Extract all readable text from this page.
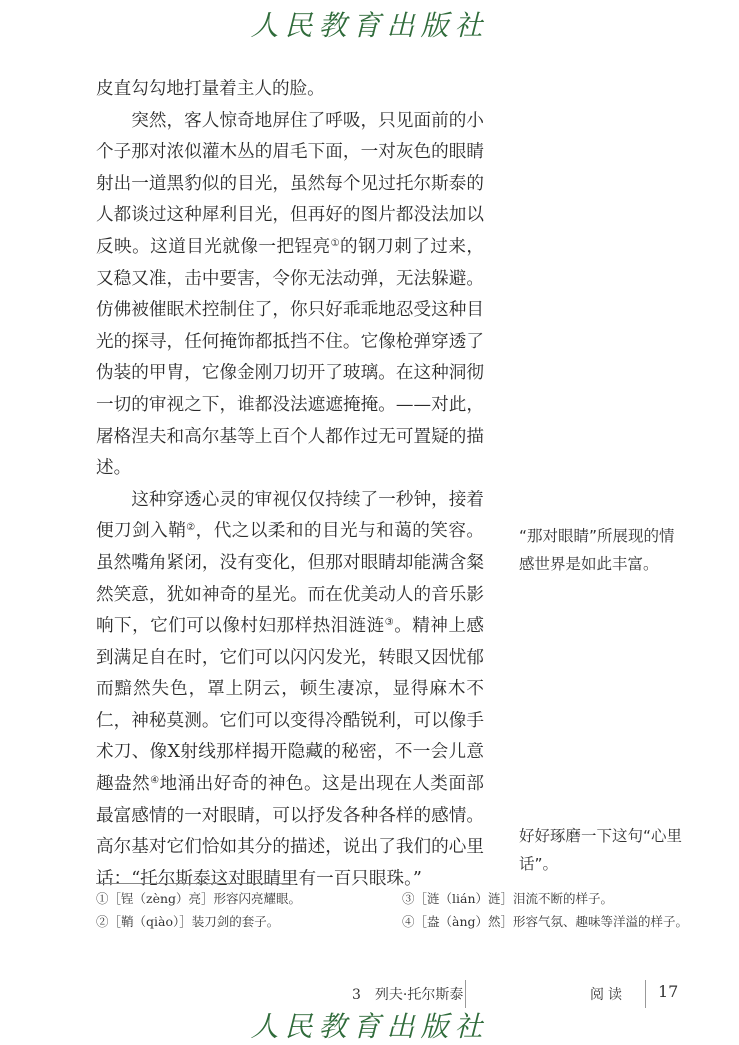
人民教育出版社

皮直勾勾地打量着主人的脸。

突然，客人惊奇地屏住了呼吸，只见面前的小个子那对浓似灌木丛的眉毛下面，一对灰色的眼睛射出一道黑豹似的目光，虽然每个见过托尔斯泰的人都谈过这种犀利目光，但再好的图片都没法加以反映。这道目光就像一把锃亮①的钢刀刺了过来，又稳又准，击中要害，令你无法动弹，无法躲避。仿佛被催眠术控制住了，你只好乖乖地忍受这种目光的探寻，任何掩饰都抵挡不住。它像枪弹穿透了伪装的甲胄，它像金刚刀切开了玻璃。在这种洞彻一切的审视之下，谁都没法遮遮掩掩。——对此，屠格涅夫和高尔基等上百个人都作过无可置疑的描述。

这种穿透心灵的审视仅仅持续了一秒钟，接着便刀剑入鞘②，代之以柔和的目光与和蔼的笑容。虽然嘴角紧闭，没有变化，但那对眼睛却能满含粲然笑意，犹如神奇的星光。而在优美动人的音乐影响下，它们可以像村妇那样热泪涟涟③。精神上感到满足自在时，它们可以闪闪发光，转眼又因忧郁而黯然失色，罩上阴云，顿生凄凉，显得麻木不仁，神秘莫测。它们可以变得冷酷锐利，可以像手术刀、像X射线那样揭开隐藏的秘密，不一会儿意趣盎然④地涌出好奇的神色。这是出现在人类面部最富感情的一对眼睛，可以抒发各种各样的感情。高尔基对它们恰如其分的描述，说出了我们的心里话：“托尔斯泰这对眼睛里有一百只眼珠。”

“那对眼睛”所展现的情感世界是如此丰富。
好好琢磨一下这句“心里话”。
①［锃（zèng）亮］形容闪亮耀眼。
②［鞘（qiào）］装刀剑的套子。
③［涟（lián）涟］泪流不断的样子。
④［盎（àng）然］形容气氛、趣味等洋溢的样子。
3　列夫·托尔斯泰	阅读 17
人民教育出版社
